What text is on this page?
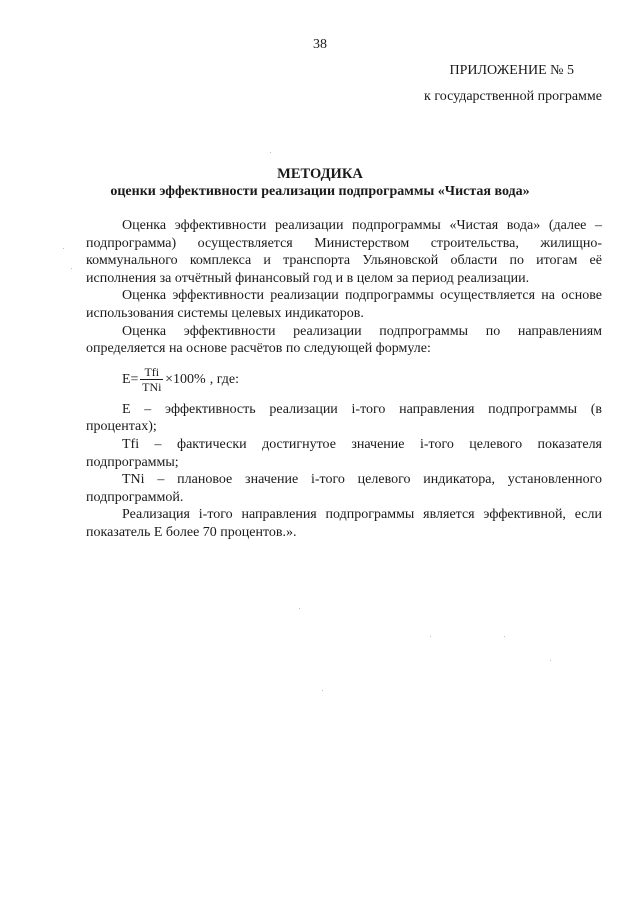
38
ПРИЛОЖЕНИЕ № 5
к государственной программе
МЕТОДИКА
оценки эффективности реализации подпрограммы «Чистая вода»

Оценка эффективности реализации подпрограммы «Чистая вода» (далее – подпрограмма) осуществляется Министерством строительства, жилищно-коммунального комплекса и транспорта Ульяновской области по итогам её исполнения за отчётный финансовый год и в целом за период реализации.

Оценка эффективности реализации подпрограммы осуществляется на основе использования системы целевых индикаторов.

Оценка эффективности реализации подпрограммы по направлениям определяется на основе расчётов по следующей формуле:

$E= \frac{\text{Tfi}}{\text{TNi}} \times 100\%$ , где:

Е – эффективность реализации i-того направления подпрограммы (в процентах);

Tfi – фактически достигнутое значение i-того целевого показателя подпрограммы;

TNi – плановое значение i-того целевого индикатора, установленного подпрограммой.

Реализация i-того направления подпрограммы является эффективной, если показатель Е более 70 процентов.».
